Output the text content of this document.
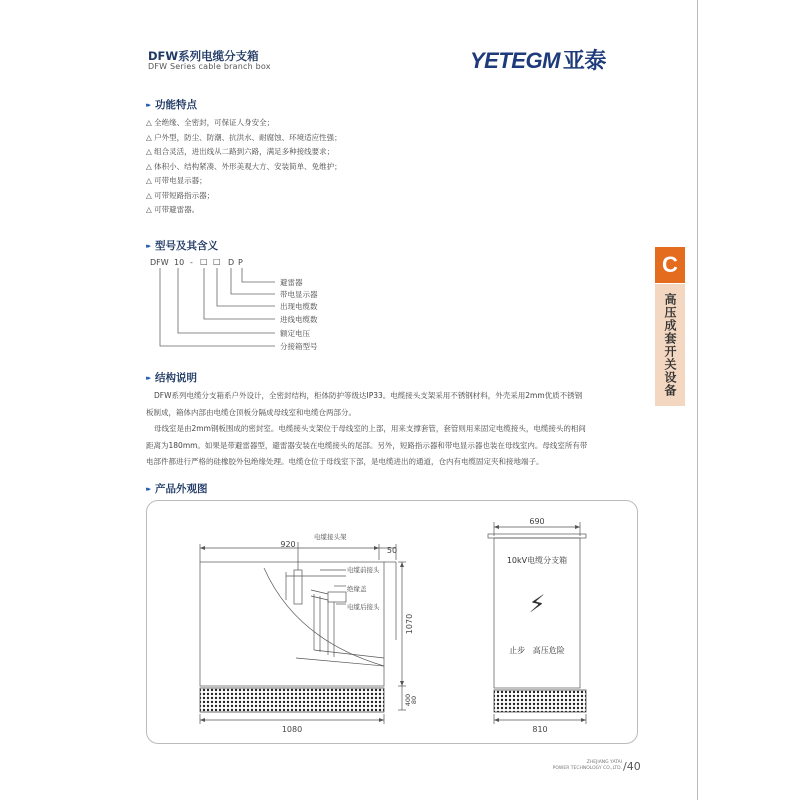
DFW系列电缆分支箱
DFW Series cable branch box	YETEGM 亚泰
C
高压成套开关设备
▸▸ 功能特点
△ 全绝缘、全密封，可保证人身安全；
△ 户外型，防尘、防潮、抗洪水、耐腐蚀、环境适应性强；
△ 组合灵活，进出线从二路到六路，满足多种接线要求；
△ 体积小、结构紧凑、外形美观大方、安装简单、免维护；
△ 可带电显示器；
△ 可带短路指示器；
△ 可带避雷器。
▸▸ 型号及其含义
DFW 10 - □ □ D P
避雷器
带电显示器
出现电缆数
进线电缆数
额定电压
分接箱型号
▸▸ 结构说明
DFW系列电缆分支箱系户外设计，全密封结构，柜体防护等级达IP33。电缆接头支架采用不锈钢材料，外壳采用2mm优质不锈钢
板制成，箱体内部由电缆仓顶板分隔成母线室和电缆仓两部分。
母线室是由2mm钢板围成的密封室。电缆接头支架位于母线室的上部，用来支撑套管，套管则用来固定电缆接头，电缆接头的相间
距离为180mm。如果是带避雷器型，避雷器安装在电缆接头的尾部。另外，短路指示器和带电显示器也装在母线室内。母线室所有带
电部件都进行严格的硅橡胶外包绝缘处理。电缆仓位于母线室下部，是电缆进出的通道，仓内有电缆固定夹和接地端子。
▸▸ 产品外观图
920
50
1070
400
80
1080
电缆接头架
电缆前接头
绝缘盖
电缆后接头
690
10kV电缆分支箱
⚡
止步   高压危险
810
ZHEJIANG YATAI
POWER TECHNOLOGY CO.,LTD. /40
